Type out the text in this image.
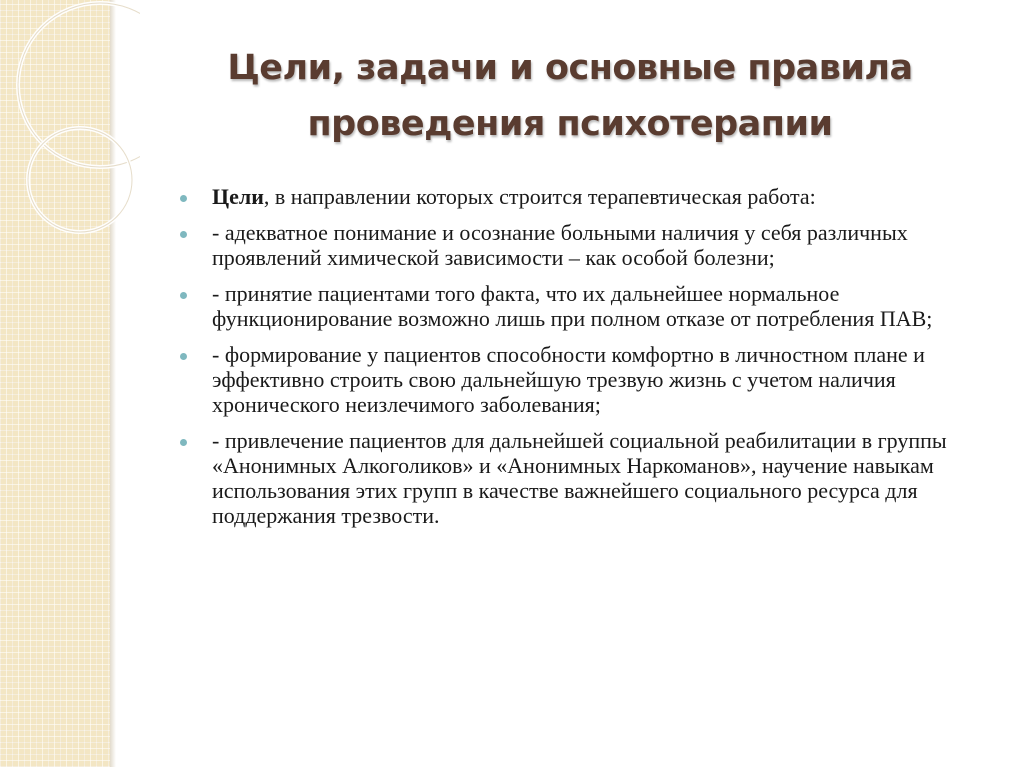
Цели, задачи и основные правила проведения психотерапии
Цели, в направлении которых строится терапевтическая работа:
- адекватное понимание и осознание больными наличия у себя различных проявлений химической зависимости – как особой болезни;
- принятие пациентами того факта, что их дальнейшее нормальное функционирование возможно лишь при полном отказе от потребления ПАВ;
- формирование у пациентов способности комфортно в личностном плане и эффективно строить свою дальнейшую трезвую жизнь с учетом наличия хронического неизлечимого заболевания;
- привлечение пациентов для дальнейшей социальной реабилитации в группы «Анонимных Алкоголиков» и «Анонимных Наркоманов», научение навыкам использования этих групп в качестве важнейшего социального ресурса для поддержания трезвости.
